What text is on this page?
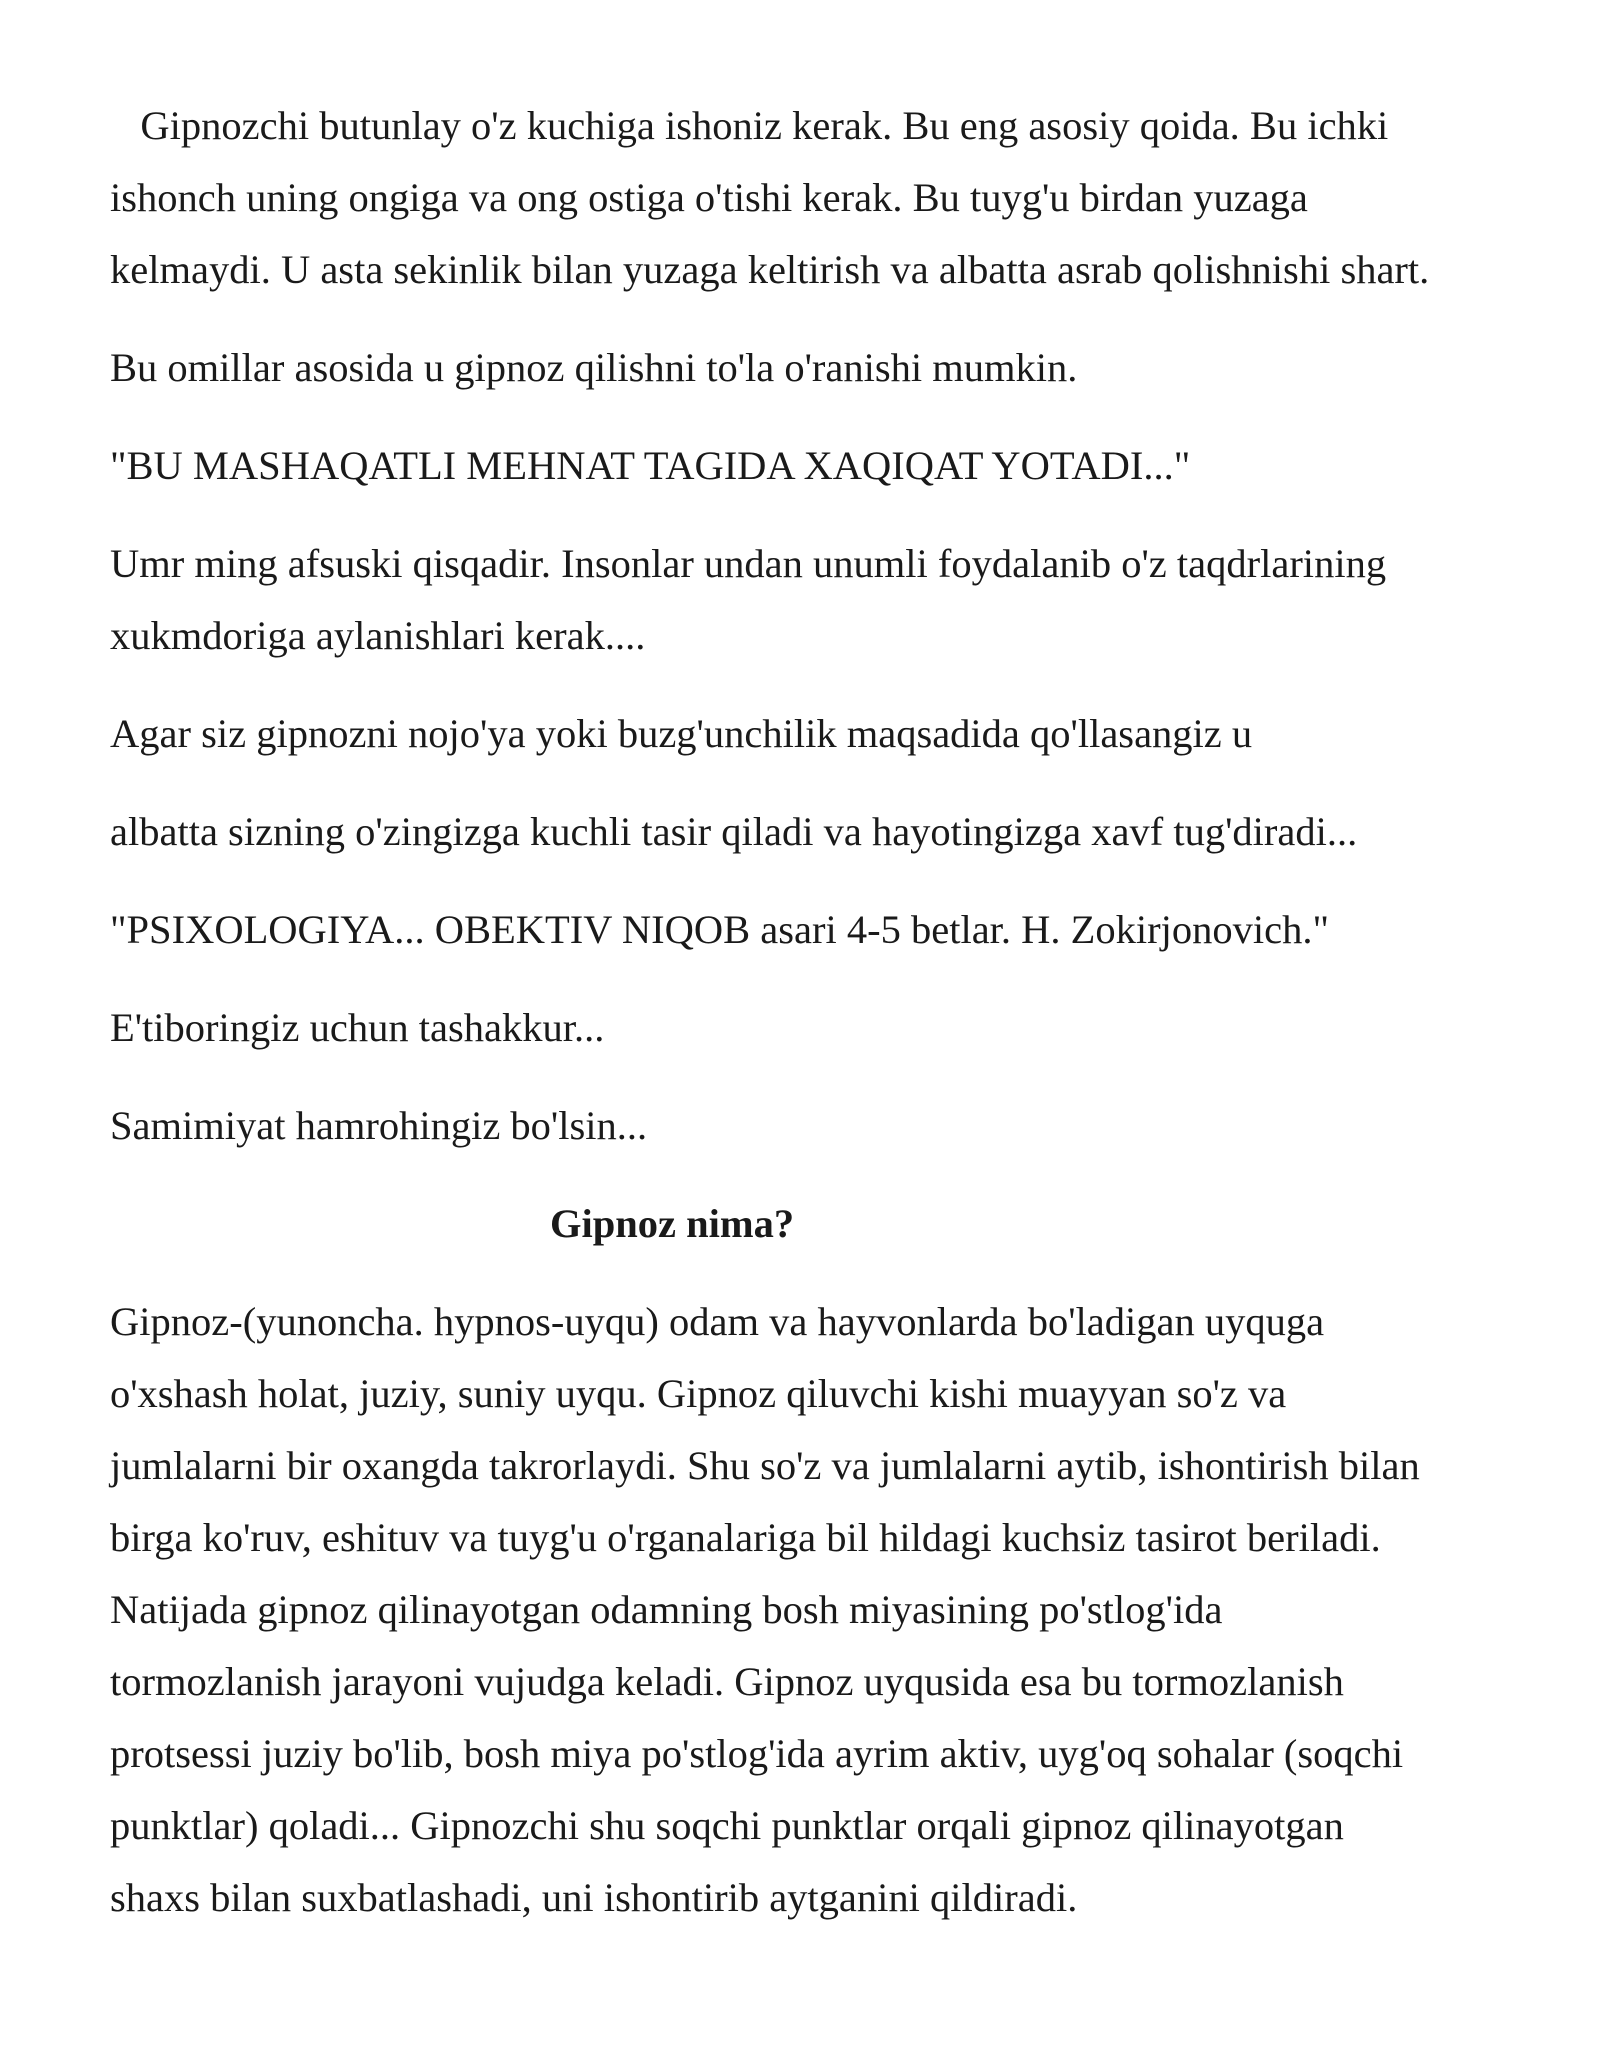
Gipnozchi butunlay o'z kuchiga ishoniz kerak. Bu eng asosiy qoida. Bu ichki
ishonch uning ongiga va ong ostiga o'tishi kerak. Bu tuyg'u birdan yuzaga
kelmaydi. U asta sekinlik bilan yuzaga keltirish va albatta asrab qolishnishi shart.
Bu omillar asosida u gipnoz qilishni to'la o'ranishi mumkin.
"BU MASHAQATLI MEHNAT TAGIDA XAQIQAT YOTADI..."
Umr ming afsuski qisqadir. Insonlar undan unumli foydalanib o'z taqdrlarining
xukmdoriga aylanishlari kerak....
Agar siz gipnozni nojo'ya yoki buzg'unchilik maqsadida qo'llasangiz u
albatta sizning o'zingizga kuchli tasir qiladi va hayotingizga xavf tug'diradi...
"PSIXOLOGIYA... OBEKTIV NIQOB asari 4-5 betlar. H. Zokirjonovich."
E'tiboringiz uchun tashakkur...
Samimiyat hamrohingiz bo'lsin...
Gipnoz nima?
Gipnoz-(yunoncha. hypnos-uyqu) odam va hayvonlarda bo'ladigan uyquga
o'xshash holat, juziy, suniy uyqu. Gipnoz qiluvchi kishi muayyan so'z va
jumlalarni bir oxangda takrorlaydi. Shu so'z va jumlalarni aytib, ishontirish bilan
birga ko'ruv, eshituv va tuyg'u o'rganalariga bil hildagi kuchsiz tasirot beriladi.
Natijada gipnoz qilinayotgan odamning bosh miyasining po'stlog'ida
tormozlanish jarayoni vujudga keladi. Gipnoz uyqusida esa bu tormozlanish
protsessi juziy bo'lib, bosh miya po'stlog'ida ayrim aktiv, uyg'oq sohalar (soqchi
punktlar) qoladi... Gipnozchi shu soqchi punktlar orqali gipnoz qilinayotgan
shaxs bilan suxbatlashadi, uni ishontirib aytganini qildiradi.
